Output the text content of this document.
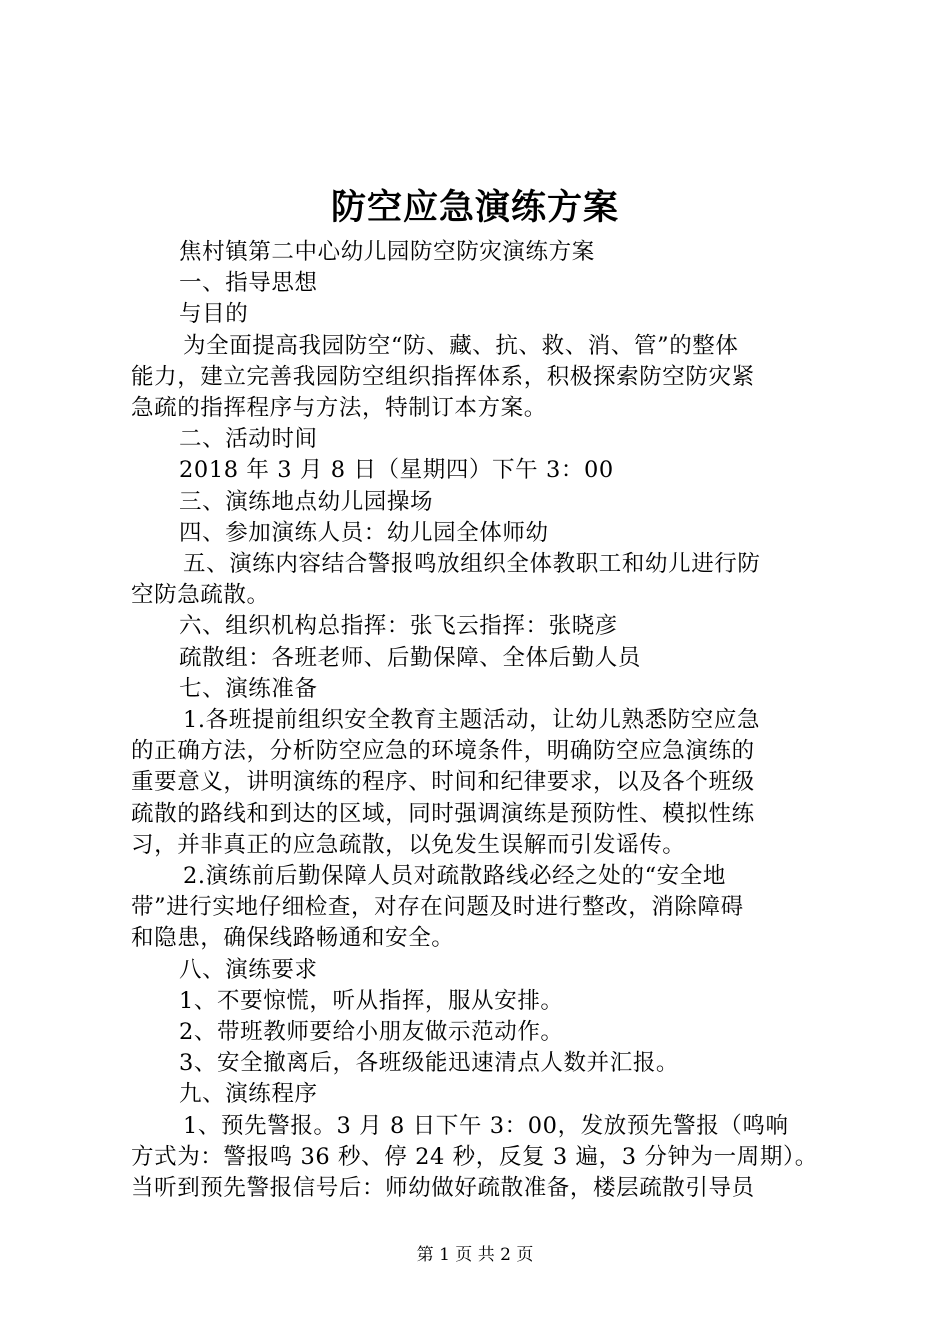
防空应急演练方案

焦村镇第二中心幼儿园防空防灾演练方案

一、指导思想

与目的

为全面提高我园防空“防、藏、抗、救、消、管”的整体
能力，建立完善我园防空组织指挥体系，积极探索防空防灾紧
急疏的指挥程序与方法，特制订本方案。

二、活动时间

2018 年 3 月 8 日（星期四）下午 3：00

三、演练地点幼儿园操场

四、参加演练人员：幼儿园全体师幼

五、演练内容结合警报鸣放组织全体教职工和幼儿进行防
空防急疏散。

六、组织机构总指挥：张飞云指挥：张晓彦

疏散组：各班老师、后勤保障、全体后勤人员

七、演练准备

1.各班提前组织安全教育主题活动，让幼儿熟悉防空应急
的正确方法，分析防空应急的环境条件，明确防空应急演练的
重要意义，讲明演练的程序、时间和纪律要求，以及各个班级
疏散的路线和到达的区域，同时强调演练是预防性、模拟性练
习，并非真正的应急疏散，以免发生误解而引发谣传。
2.演练前后勤保障人员对疏散路线必经之处的“安全地
带”进行实地仔细检查，对存在问题及时进行整改，消除障碍
和隐患，确保线路畅通和安全。

八、演练要求

1、不要惊慌，听从指挥，服从安排。

2、带班教师要给小朋友做示范动作。

3、安全撤离后，各班级能迅速清点人数并汇报。

九、演练程序

1、预先警报。3 月 8 日下午 3：00，发放预先警报（鸣响
方式为：警报鸣 36 秒、停 24 秒，反复 3 遍，3 分钟为一周期）。
当听到预先警报信号后：师幼做好疏散准备，楼层疏散引导员
第 1 页 共 2 页
